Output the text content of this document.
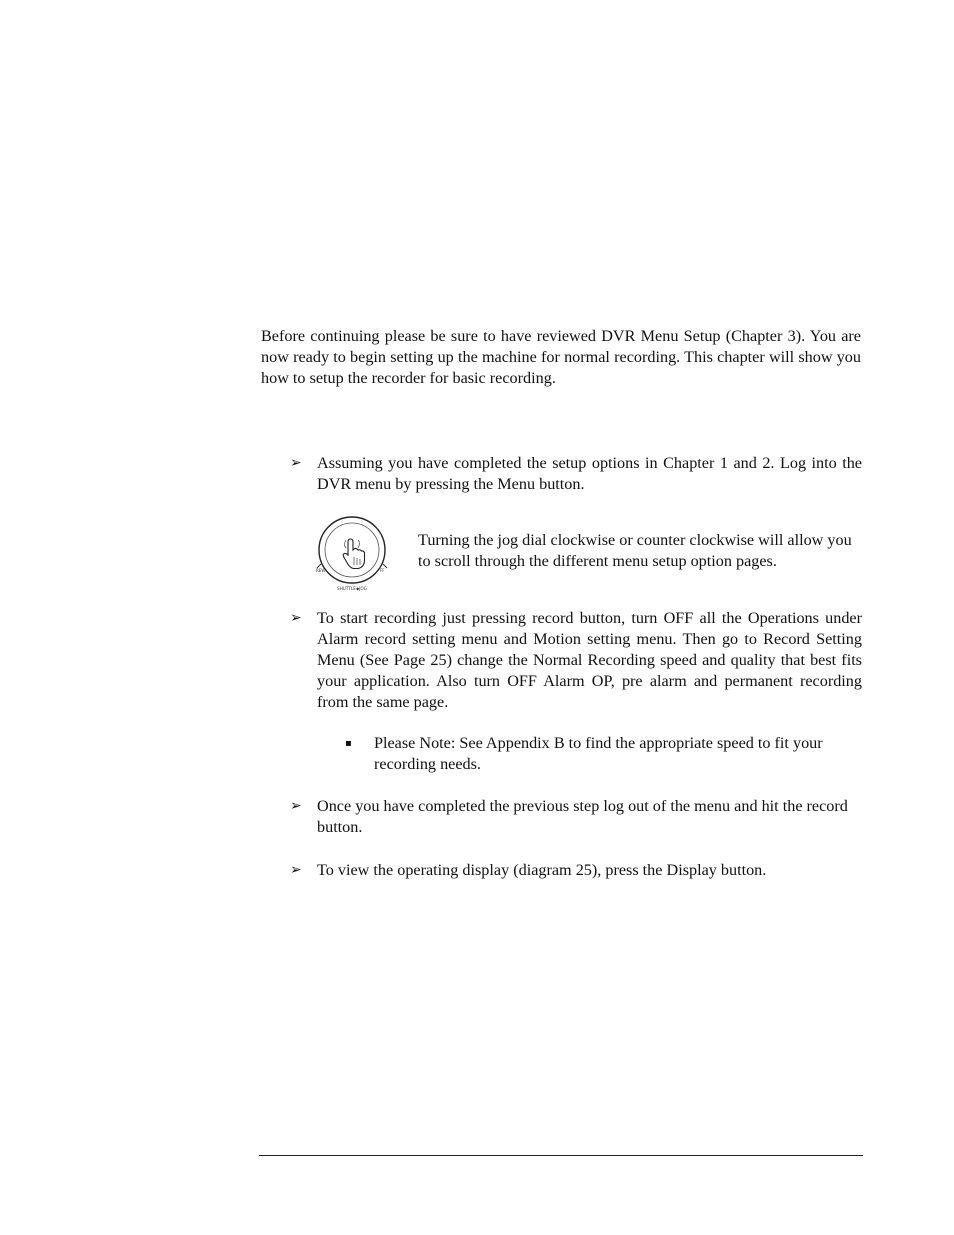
Before continuing please be sure to have reviewed DVR Menu Setup (Chapter 3). You are now ready to begin setting up the machine for normal recording. This chapter will show you how to setup the recorder for basic recording.

➢ Assuming you have completed the setup options in Chapter 1 and 2. Log into the DVR menu by pressing the Menu button.
REW	FF
SHUTTLE◆JOG

Turning the jog dial clockwise or counter clockwise will allow you to scroll through the different menu setup option pages.

➢ To start recording just pressing record button, turn OFF all the Operations under Alarm record setting menu and Motion setting menu. Then go to Record Setting Menu (See Page 25) change the Normal Recording speed and quality that best fits your application. Also turn OFF Alarm OP, pre alarm and permanent recording from the same page.
▪ Please Note: See Appendix B to find the appropriate speed to fit your recording needs.
➢ Once you have completed the previous step log out of the menu and hit the record button.
➢ To view the operating display (diagram 25), press the Display button.
